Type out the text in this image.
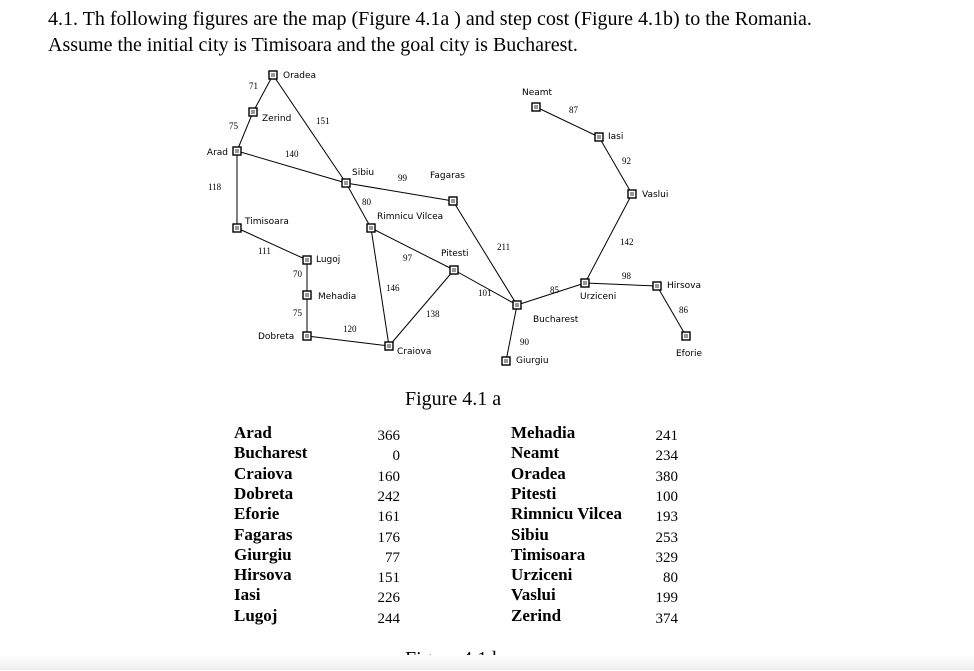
4.1. Th following figures are the map (Figure 4.1a ) and step cost (Figure 4.1b) to the Romania.
Assume the initial city is Timisoara and the goal city is Bucharest.
71
75	151
140
118
99
80
111
70
75
120
97
146
138
211
101
90
85
98
86
142
92
87
Oradea
Zerind
Arad
Sibiu	Fagaras
Timisoara	Rimnicu Vilcea
Lugoj
Pitesti
Mehadia
Dobreta
Craiova
Bucharest
Giurgiu
Urziceni
Hirsova
Eforie
Vaslui
Iasi
Neamt
Figure 4.1 a
Arad	366
Bucharest	0
Craiova	160
Dobreta	242
Eforie	161
Fagaras	176
Giurgiu	77
Hirsova	151
Iasi	226
Lugoj	244
Mehadia	241
Neamt	234
Oradea	380
Pitesti	100
Rimnicu Vilcea	193
Sibiu	253
Timisoara	329
Urziceni	80
Vaslui	199
Zerind	374
